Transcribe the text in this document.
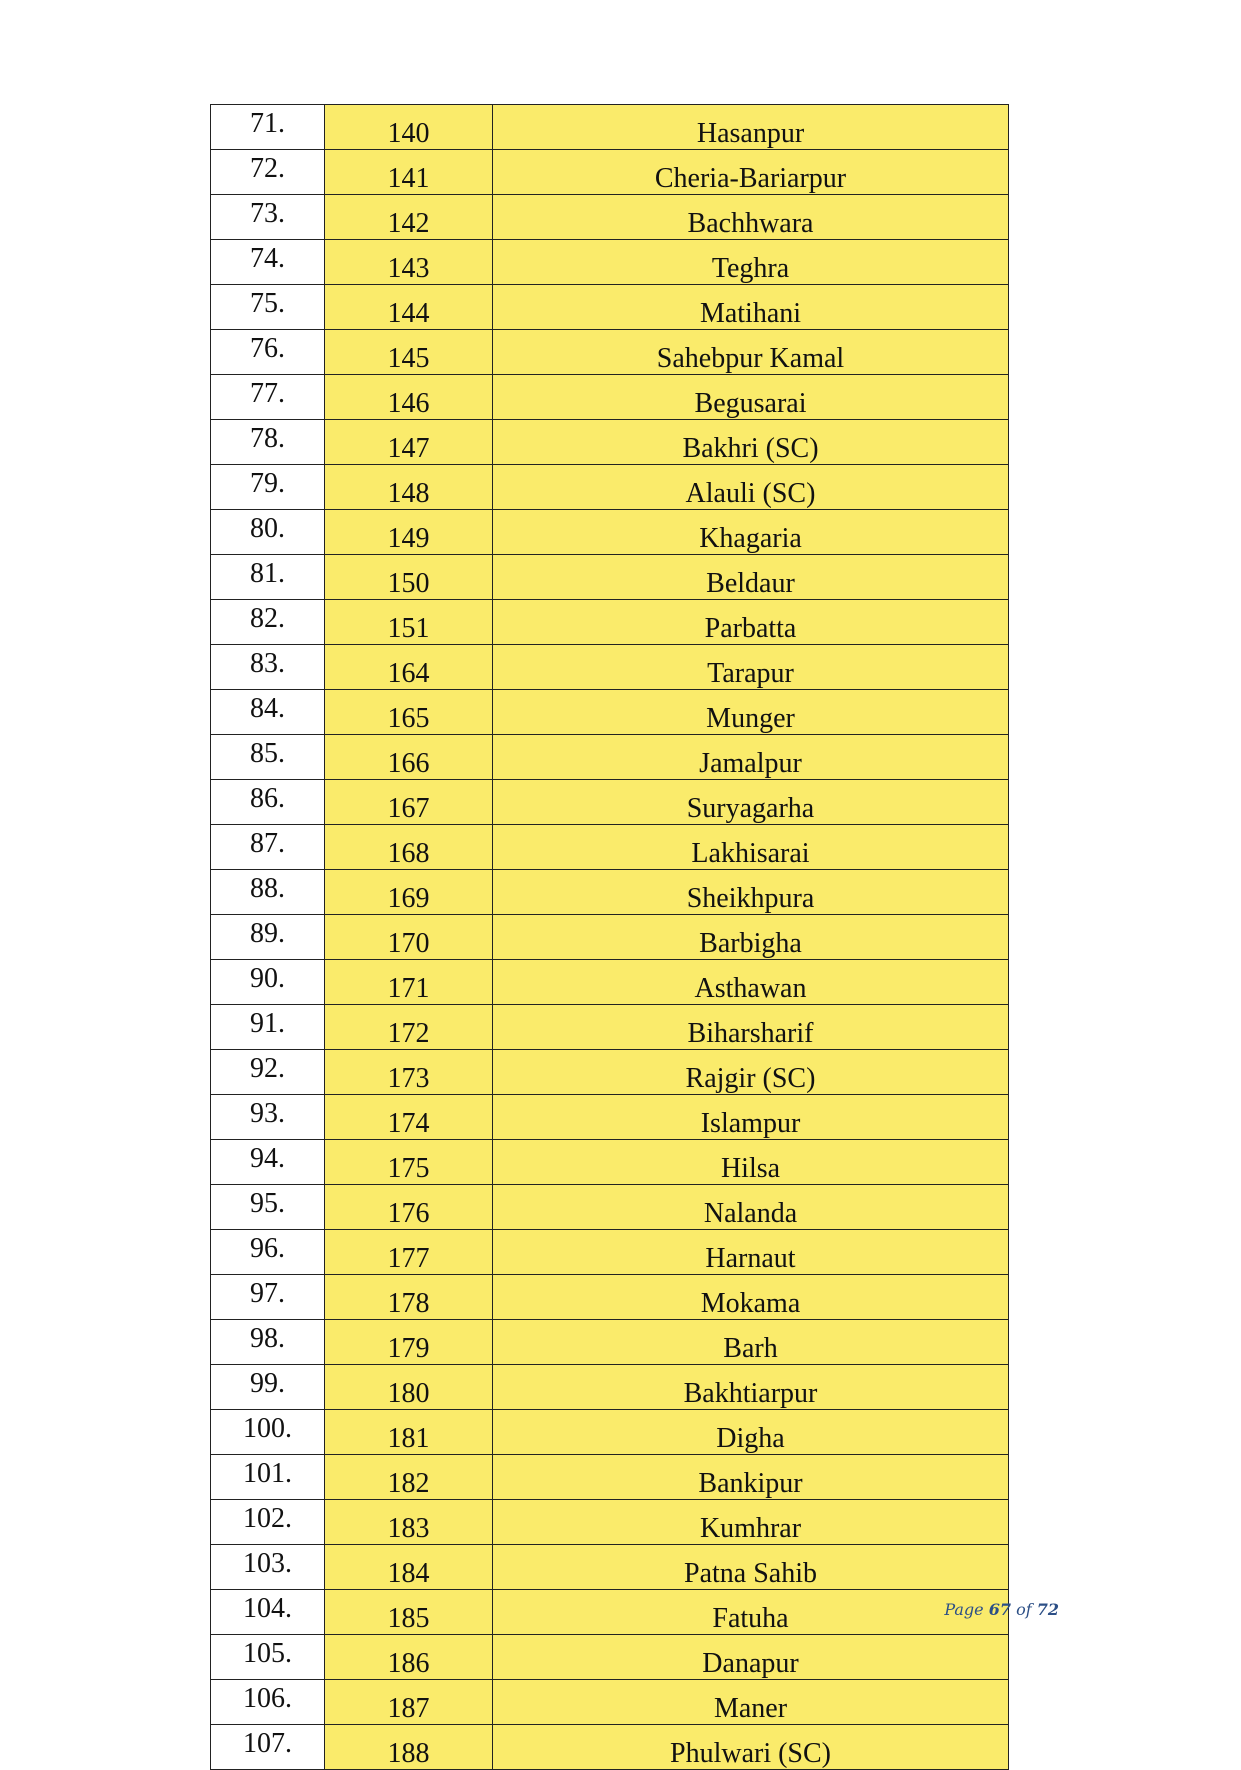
71.	140	Hasanpur
72.	141	Cheria-Bariarpur
73.	142	Bachhwara
74.	143	Teghra
75.	144	Matihani
76.	145	Sahebpur Kamal
77.	146	Begusarai
78.	147	Bakhri (SC)
79.	148	Alauli (SC)
80.	149	Khagaria
81.	150	Beldaur
82.	151	Parbatta
83.	164	Tarapur
84.	165	Munger
85.	166	Jamalpur
86.	167	Suryagarha
87.	168	Lakhisarai
88.	169	Sheikhpura
89.	170	Barbigha
90.	171	Asthawan
91.	172	Biharsharif
92.	173	Rajgir (SC)
93.	174	Islampur
94.	175	Hilsa
95.	176	Nalanda
96.	177	Harnaut
97.	178	Mokama
98.	179	Barh
99.	180	Bakhtiarpur
100.	181	Digha
101.	182	Bankipur
102.	183	Kumhrar
103.	184	Patna Sahib
104.	185	Fatuha
105.	186	Danapur
106.	187	Maner
107.	188	Phulwari (SC)
Page 67 of 72
